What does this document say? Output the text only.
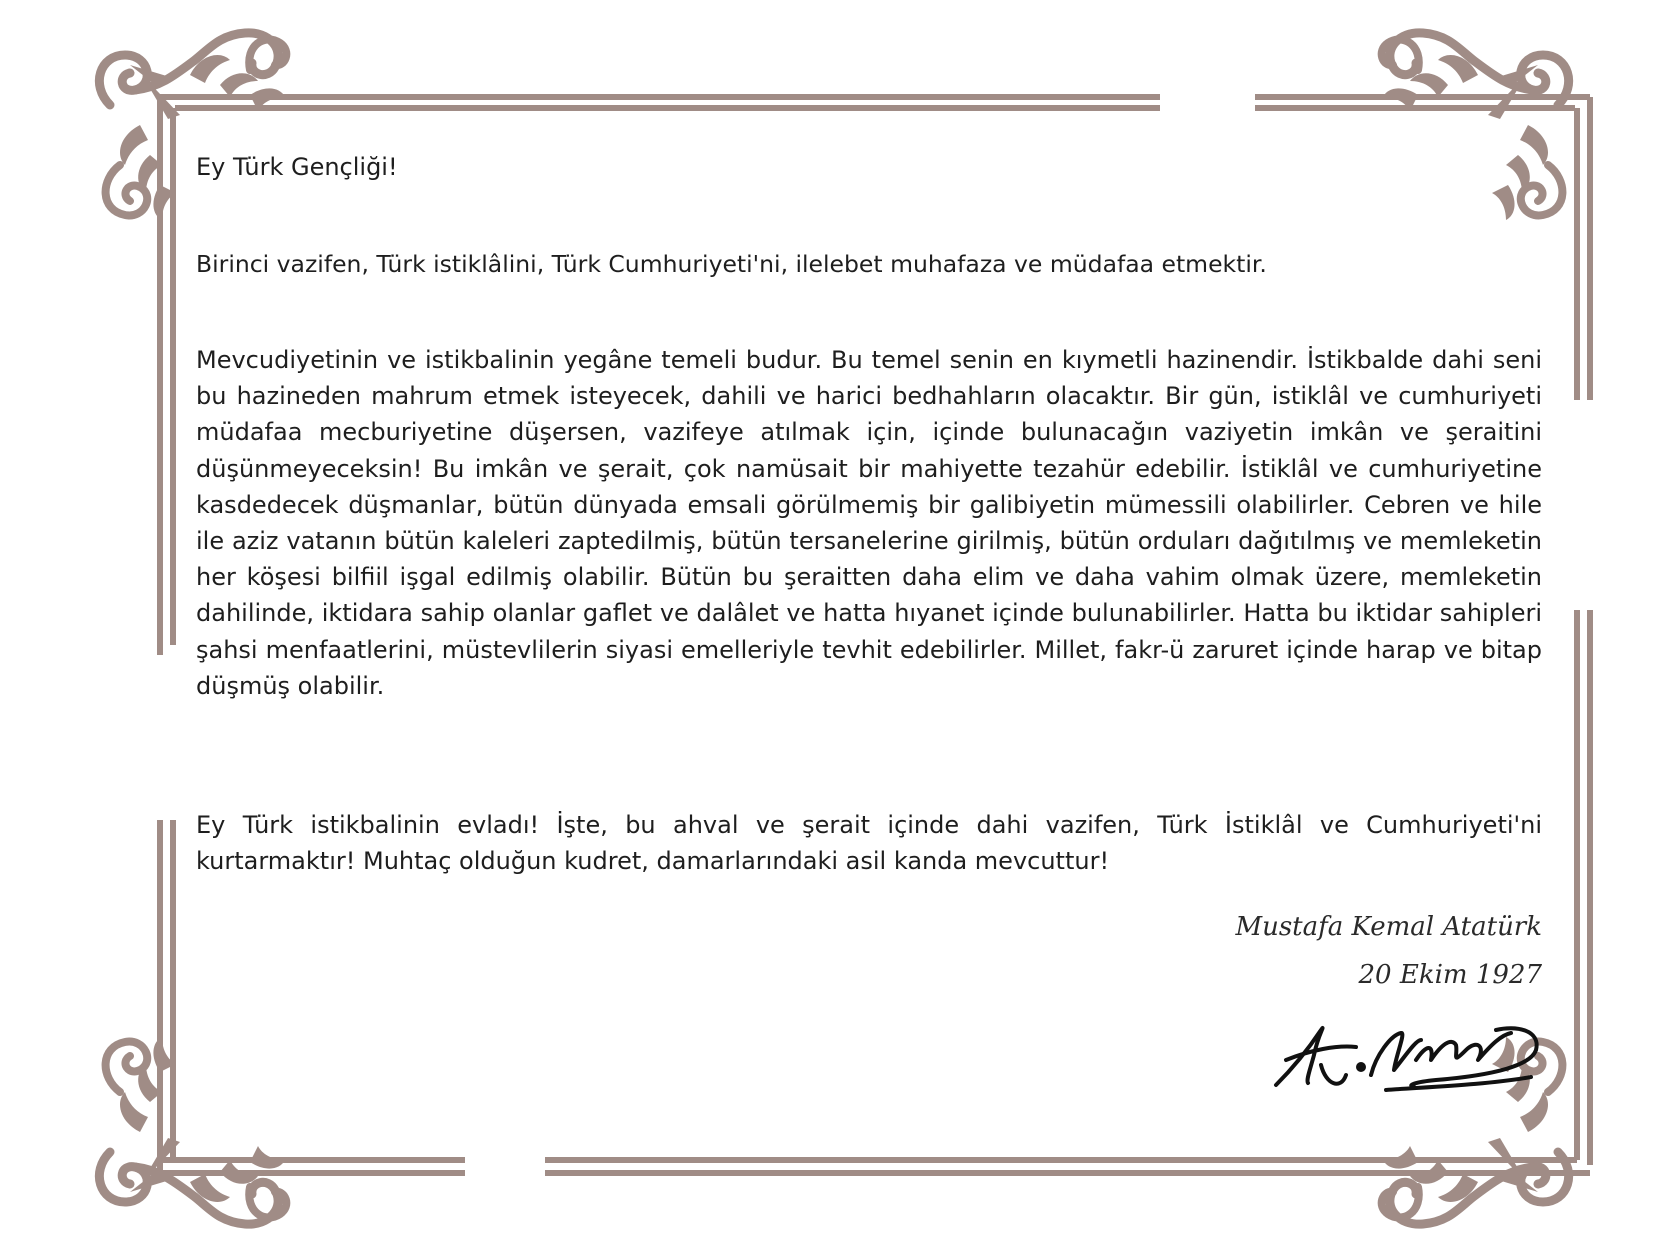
Ey Türk Gençliği!

Birinci vazifen, Türk istiklâlini, Türk Cumhuriyeti'ni, ilelebet muhafaza ve müdafaa etmektir.

Mevcudiyetinin ve istikbalinin yegâne temeli budur. Bu temel senin en kıymetli hazinendir. İstikbalde dahi seni bu hazineden mahrum etmek isteyecek, dahili ve harici bedhahların olacaktır. Bir gün, istiklâl ve cumhuriyeti müdafaa mecburiyetine düşersen, vazifeye atılmak için, içinde bulunacağın vaziyetin imkân ve şeraitini düşünmeyeceksin! Bu imkân ve şerait, çok namüsait bir mahiyette tezahür edebilir. İstiklâl ve cumhuriyetine kasdedecek düşmanlar, bütün dünyada emsali görülmemiş bir galibiyetin mümessili olabilirler. Cebren ve hile ile aziz vatanın bütün kaleleri zaptedilmiş, bütün tersanelerine girilmiş, bütün orduları dağıtılmış ve memleketin her köşesi bilfiil işgal edilmiş olabilir. Bütün bu şeraitten daha elim ve daha vahim olmak üzere, memleketin dahilinde, iktidara sahip olanlar gaflet ve dalâlet ve hatta hıyanet içinde bulunabilirler. Hatta bu iktidar sahipleri şahsi menfaatlerini, müstevlilerin siyasi emelleriyle tevhit edebilirler. Millet, fakr-ü zaruret içinde harap ve bitap düşmüş olabilir.

Ey Türk istikbalinin evladı! İşte, bu ahval ve şerait içinde dahi vazifen, Türk İstiklâl ve Cumhuriyeti'ni kurtarmaktır! Muhtaç olduğun kudret, damarlarındaki asil kanda mevcuttur!

Mustafa Kemal Atatürk
20 Ekim 1927
